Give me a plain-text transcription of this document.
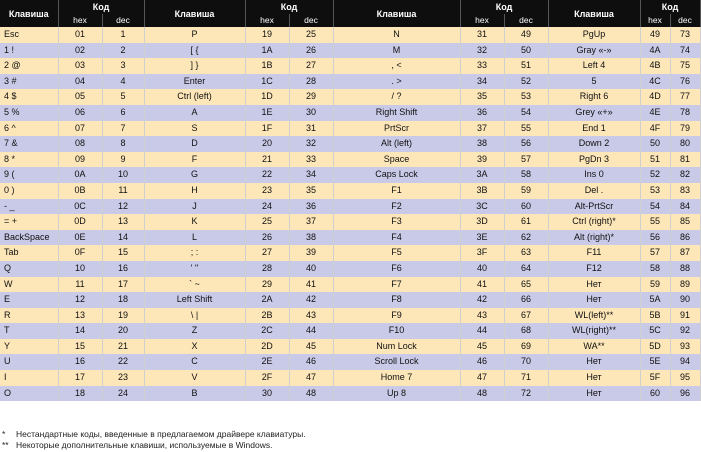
Клавиша	Код		Клавиша	Код		Клавиша	Код		Клавиша	Код	
	hex	dec		hex	dec		hex	dec		hex	dec
Esc	01	1	P	19	25	N	31	49	PgUp	49	73
1 !	02	2	[ {	1A	26	M	32	50	Gray «-»	4A	74
2 @	03	3	] }	1B	27	, <	33	51	Left 4	4B	75
3 #	04	4	Enter	1C	28	. >	34	52	5	4C	76
4 $	05	5	Ctrl (left)	1D	29	/ ?	35	53	Right 6	4D	77
5 %	06	6	A	1E	30	Right Shift	36	54	Grey «+»	4E	78
6 ^	07	7	S	1F	31	PrtScr	37	55	End 1	4F	79
7 &	08	8	D	20	32	Alt (left)	38	56	Down 2	50	80
8 *	09	9	F	21	33	Space	39	57	PgDn 3	51	81
9 (	0A	10	G	22	34	Caps Lock	3A	58	Ins 0	52	82
0 )	0B	11	H	23	35	F1	3B	59	Del .	53	83
- _	0C	12	J	24	36	F2	3C	60	Alt-PrtScr	54	84
= +	0D	13	K	25	37	F3	3D	61	Ctrl (right)*	55	85
BackSpace	0E	14	L	26	38	F4	3E	62	Alt (right)*	56	86
Tab	0F	15	; :	27	39	F5	3F	63	F11	57	87
Q	10	16	' "	28	40	F6	40	64	F12	58	88
W	11	17	` ~	29	41	F7	41	65	Нет	59	89
E	12	18	Left Shift	2A	42	F8	42	66	Нет	5A	90
R	13	19	\ |	2B	43	F9	43	67	WL(left)**	5B	91
T	14	20	Z	2C	44	F10	44	68	WL(right)**	5C	92
Y	15	21	X	2D	45	Num Lock	45	69	WA**	5D	93
U	16	22	C	2E	46	Scroll Lock	46	70	Нет	5E	94
I	17	23	V	2F	47	Home 7	47	71	Нет	5F	95
O	18	24	B	30	48	Up 8	48	72	Нет	60	96
* Нестандартные коды, введенные в предлагаемом драйвере клавиатуры.
** Некоторые дополнительные клавиши, используемые в Windows.
